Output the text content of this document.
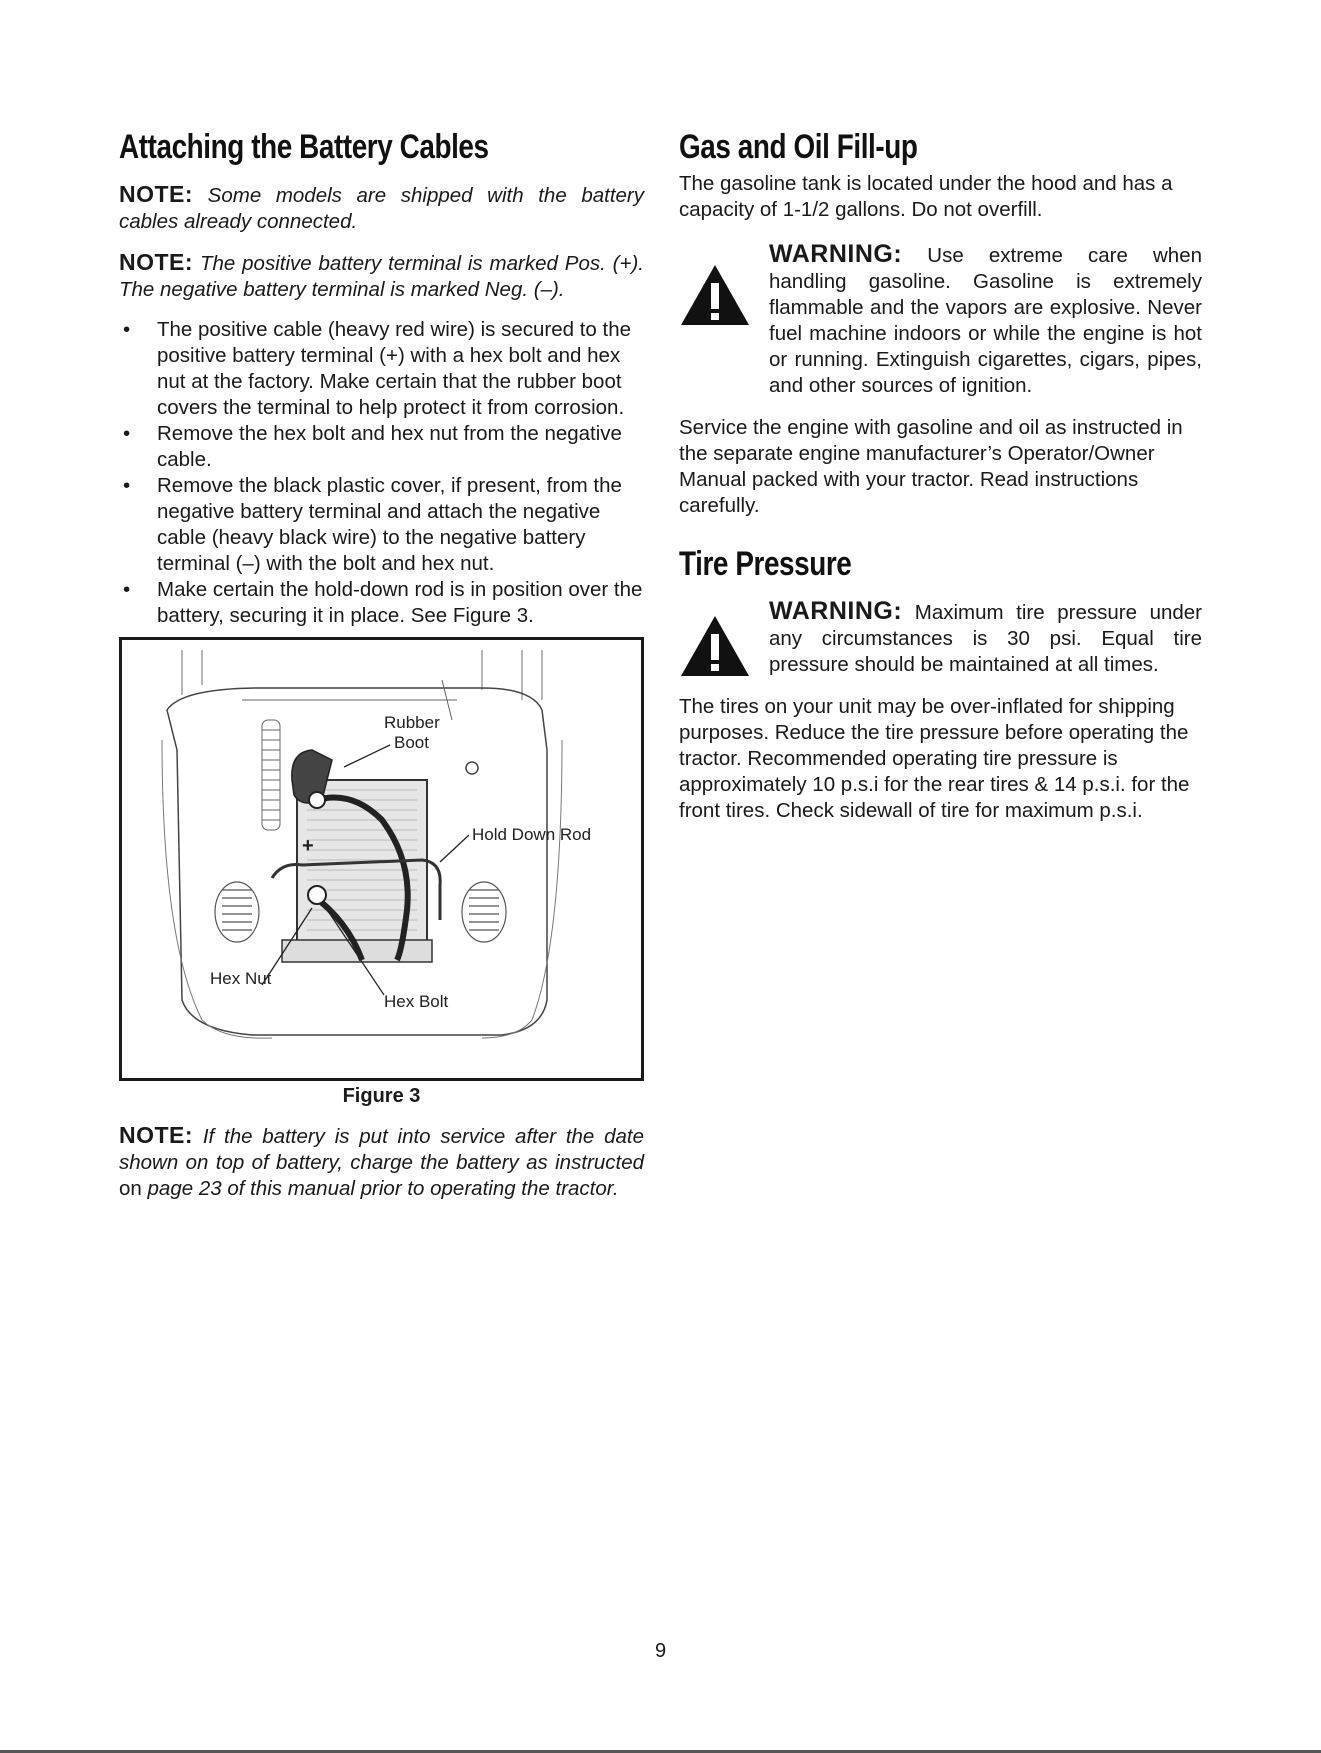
Attaching the Battery Cables
NOTE: Some models are shipped with the battery cables already connected.
NOTE: The positive battery terminal is marked Pos. (+). The negative battery terminal is marked Neg. (–).
• The positive cable (heavy red wire) is secured to the positive battery terminal (+) with a hex bolt and hex nut at the factory. Make certain that the rubber boot covers the terminal to help protect it from corrosion.
• Remove the hex bolt and hex nut from the negative cable.
• Remove the black plastic cover, if present, from the negative battery terminal and attach the negative cable (heavy black wire) to the negative battery terminal (–) with the bolt and hex nut.
• Make certain the hold-down rod is in position over the battery, securing it in place. See Figure 3.
Rubber
Boot
Hold Down Rod
Hex Nut
Hex Bolt
+
Figure 3
NOTE: If the battery is put into service after the date shown on top of battery, charge the battery as instructed on page 23 of this manual prior to operating the tractor.
Gas and Oil Fill-up

The gasoline tank is located under the hood and has a capacity of 1-1/2 gallons. Do not overfill.

WARNING: Use extreme care when handling gasoline. Gasoline is extremely flammable and the vapors are explosive. Never fuel machine indoors or while the engine is hot or running. Extinguish cigarettes, cigars, pipes, and other sources of ignition.

Service the engine with gasoline and oil as instructed in the separate engine manufacturer’s Operator/Owner Manual packed with your tractor. Read instructions carefully.

Tire Pressure

WARNING: Maximum tire pressure under any circumstances is 30 psi. Equal tire pressure should be maintained at all times.

The tires on your unit may be over-inflated for shipping purposes. Reduce the tire pressure before operating the tractor. Recommended operating tire pressure is approximately 10 p.s.i for the rear tires & 14 p.s.i. for the front tires. Check sidewall of tire for maximum p.s.i.

9
